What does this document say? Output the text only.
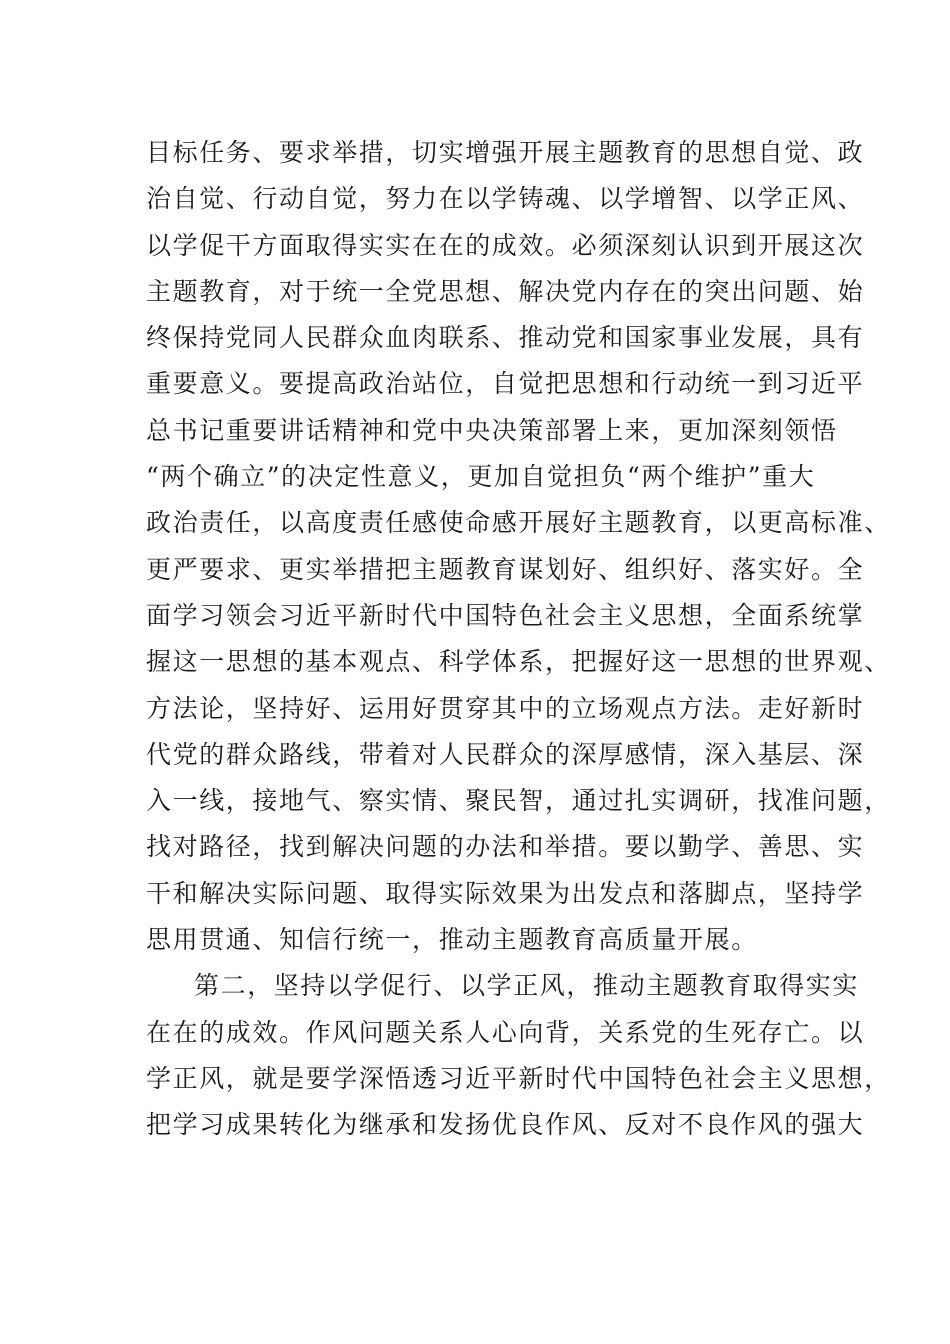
目标任务、要求举措，切实增强开展主题教育的思想自觉、政
治自觉、行动自觉，努力在以学铸魂、以学增智、以学正风、
以学促干方面取得实实在在的成效。必须深刻认识到开展这次
主题教育，对于统一全党思想、解决党内存在的突出问题、始
终保持党同人民群众血肉联系、推动党和国家事业发展，具有
重要意义。要提高政治站位，自觉把思想和行动统一到习近平
总书记重要讲话精神和党中央决策部署上来，更加深刻领悟
“两个确立”的决定性意义，更加自觉担负“两个维护”重大
政治责任，以高度责任感使命感开展好主题教育，以更高标准、
更严要求、更实举措把主题教育谋划好、组织好、落实好。全
面学习领会习近平新时代中国特色社会主义思想，全面系统掌
握这一思想的基本观点、科学体系，把握好这一思想的世界观、
方法论，坚持好、运用好贯穿其中的立场观点方法。走好新时
代党的群众路线，带着对人民群众的深厚感情，深入基层、深
入一线，接地气、察实情、聚民智，通过扎实调研，找准问题，
找对路径，找到解决问题的办法和举措。要以勤学、善思、实
干和解决实际问题、取得实际效果为出发点和落脚点，坚持学
思用贯通、知信行统一，推动主题教育高质量开展。
第二，坚持以学促行、以学正风，推动主题教育取得实实
在在的成效。作风问题关系人心向背，关系党的生死存亡。以
学正风，就是要学深悟透习近平新时代中国特色社会主义思想，
把学习成果转化为继承和发扬优良作风、反对不良作风的强大
